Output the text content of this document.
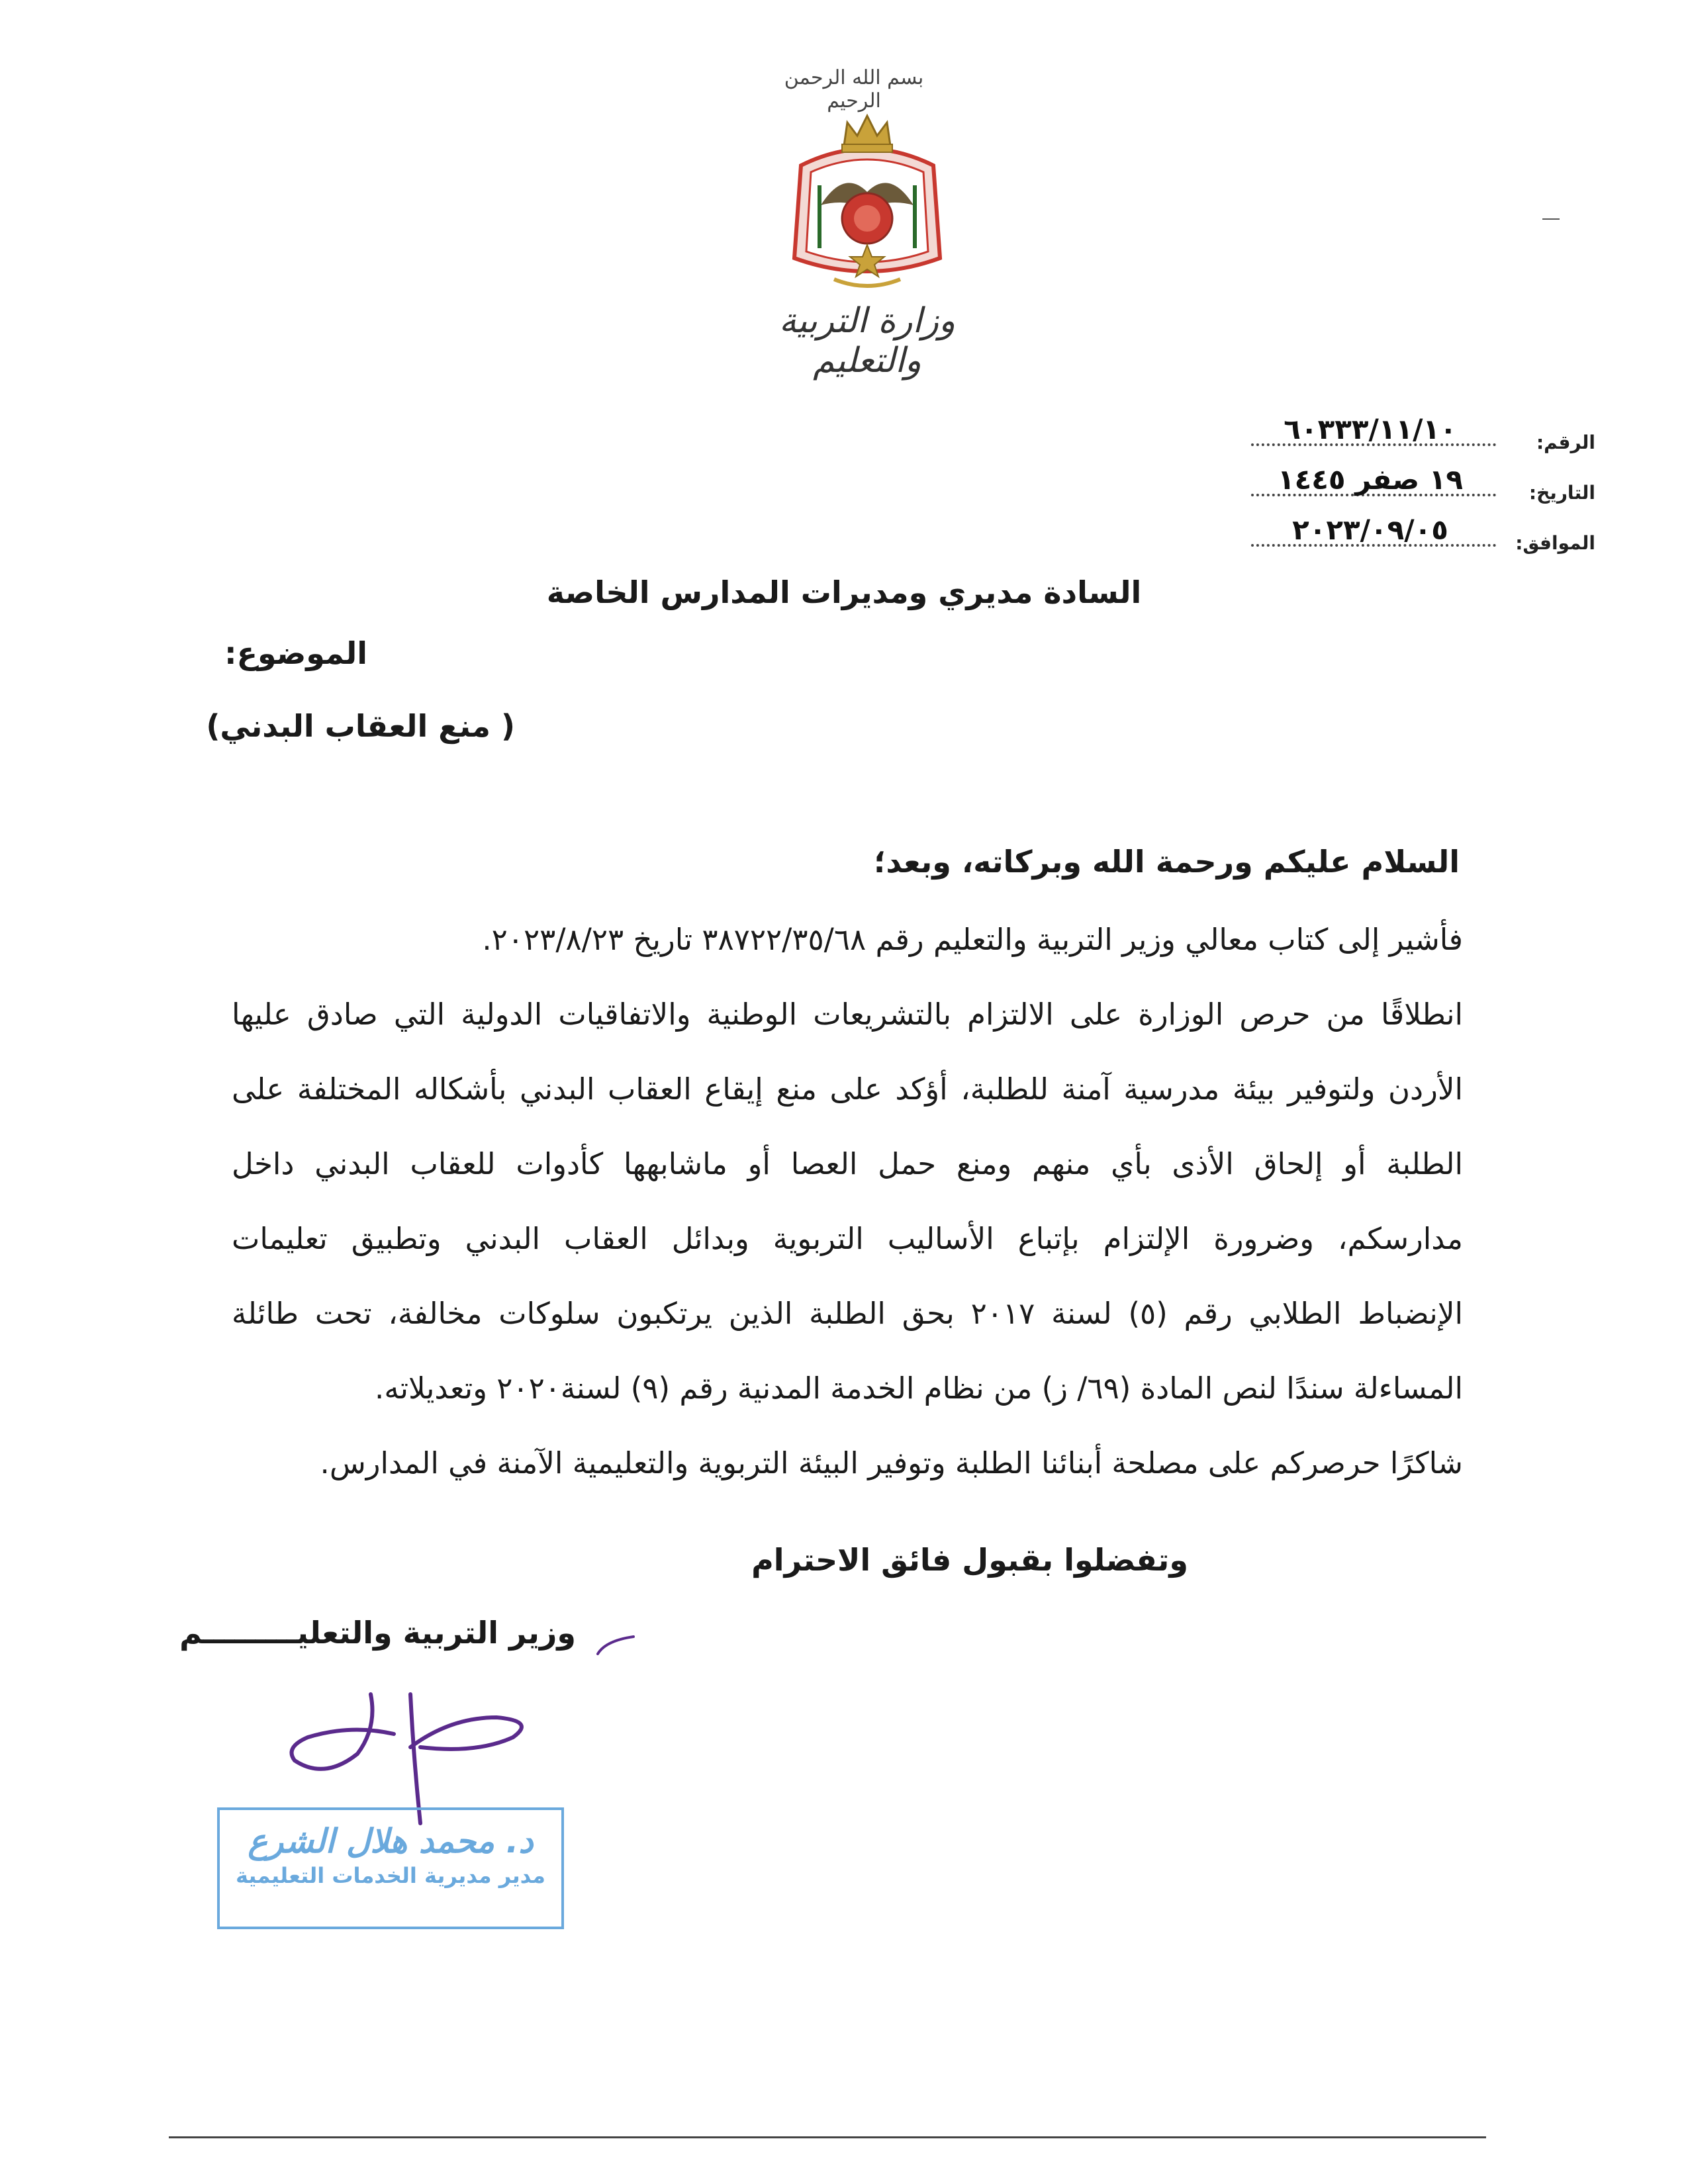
بسم الله الرحمن الرحيم
وزارة التربية والتعليم
الرقم:
٦٠٣٣٣/١١/١٠
التاريخ:
١٩ صفر ١٤٤٥
الموافق:
٢٠٢٣/٠٩/٠٥
السادة مديري ومديرات المدارس الخاصة
الموضوع:
( منع العقاب البدني)
السلام عليكم ورحمة الله وبركاته، وبعد؛
فأشير إلى كتاب معالي وزير التربية والتعليم رقم ٣٨٧٢٢/٣٥/٦٨ تاريخ ٢٠٢٣/٨/٢٣.
انطلاقًا من حرص الوزارة على الالتزام بالتشريعات الوطنية والاتفاقيات الدولية التي صادق عليها
الأردن ولتوفير بيئة مدرسية آمنة للطلبة، أؤكد على منع إيقاع العقاب البدني بأشكاله المختلفة على
الطلبة أو إلحاق الأذى بأي منهم ومنع حمل العصا أو ماشابهها كأدوات للعقاب البدني داخل
مدارسكم، وضرورة الإلتزام بإتباع الأساليب التربوية وبدائل العقاب البدني وتطبيق تعليمات
الإنضباط الطلابي رقم (٥) لسنة ٢٠١٧ بحق الطلبة الذين يرتكبون سلوكات مخالفة، تحت طائلة
المساءلة سندًا لنص المادة (٦٩/ ز) من نظام الخدمة المدنية رقم (٩) لسنة٢٠٢٠ وتعديلاته.
شاكرًا حرصركم على مصلحة أبنائنا الطلبة وتوفير البيئة التربوية والتعليمية الآمنة في المدارس.
وتفضلوا بقبول فائق الاحترام
وزير التربية والتعليـــــــــم
د. محمد هلال الشرع
مدير مديرية الخدمات التعليمية
